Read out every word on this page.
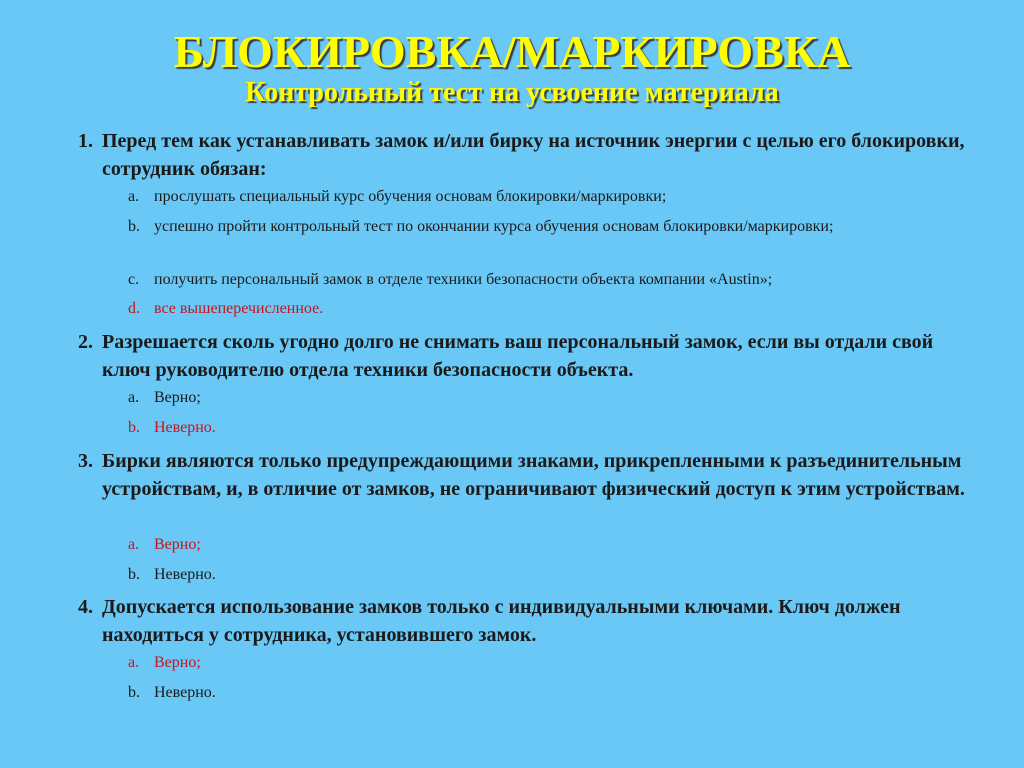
БЛОКИРОВКА/МАРКИРОВКА
Контрольный тест на усвоение материала
1. Перед тем как устанавливать замок и/или бирку на источник энергии с целью его блокировки, сотрудник обязан:
a. прослушать специальный курс обучения основам блокировки/маркировки;
b. успешно пройти контрольный тест по окончании курса обучения основам блокировки/маркировки;
c. получить персональный замок в отделе техники безопасности объекта компании «Austin»;
d. все вышеперечисленное.
2. Разрешается сколь угодно долго не снимать ваш персональный замок, если вы отдали свой ключ руководителю отдела техники безопасности объекта.
a. Верно;
b. Неверно.
3. Бирки являются только предупреждающими знаками, прикрепленными к разъединительным устройствам, и, в отличие от замков, не ограничивают физический доступ к этим устройствам.
a. Верно;
b. Неверно.
4. Допускается использование замков только с индивидуальными ключами. Ключ должен находиться у сотрудника, установившего замок.
a. Верно;
b. Неверно.
